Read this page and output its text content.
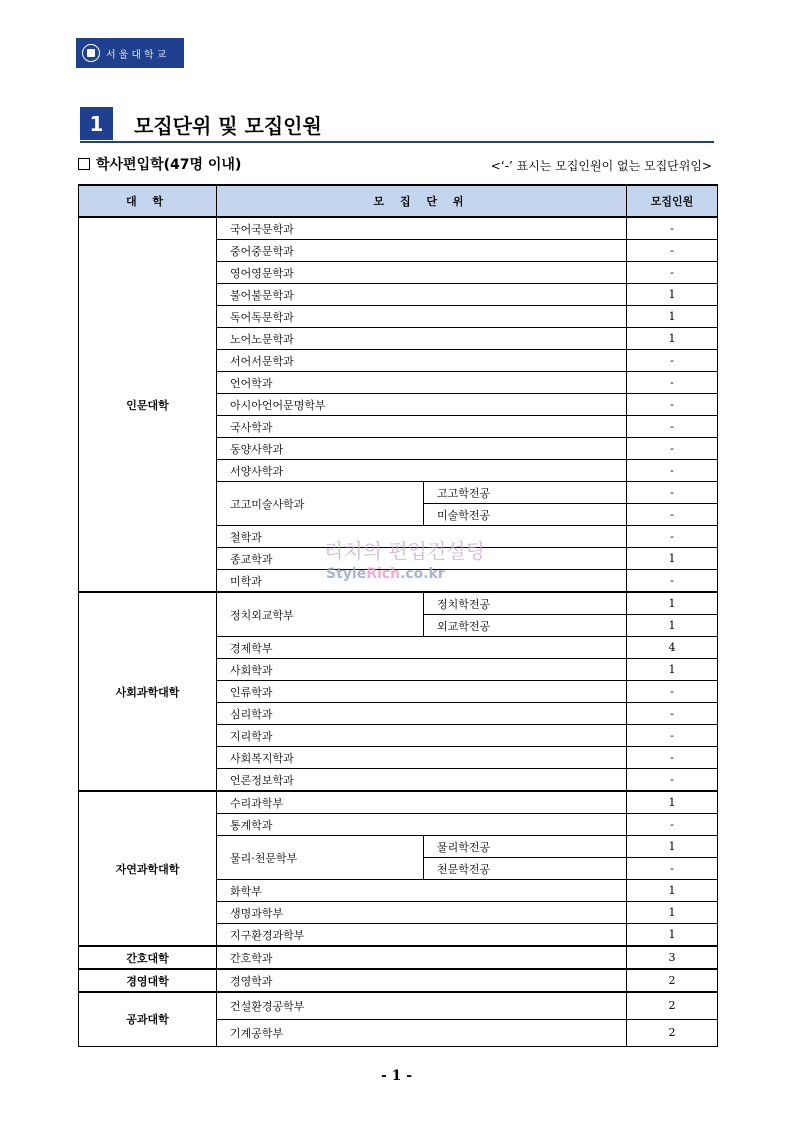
서울대학교
1	모집단위 및 모집인원
학사편입학(47명 이내)	<‘-’ 표시는 모집인원이 없는 모집단위임>
대 학	모 집 단 위		모집인원
인문대학	국어국문학과		-
	중어중문학과		-
	영어영문학과		-
	불어불문학과		1
	독어독문학과		1
	노어노문학과		1
	서어서문학과		-
	언어학과		-
	아시아언어문명학부		-
	국사학과		-
	동양사학과		-
	서양사학과		-
	고고미술사학과	고고학전공	-
		미술학전공	-
	철학과		-
	종교학과		1
	미학과		-
사회과학대학	정치외교학부	정치학전공	1
		외교학전공	1
	경제학부		4
	사회학과		1
	인류학과		-
	심리학과		-
	지리학과		-
	사회복지학과		-
	언론정보학과		-
자연과학대학	수리과학부		1
	통계학과		-
	물리·천문학부	물리학전공	1
		천문학전공	-
	화학부		1
	생명과학부		1
	지구환경과학부		1
간호대학	간호학과		3
경영대학	경영학과		2
공과대학	건설환경공학부		2
	기계공학부		2
리치의 편입컨설팅
StyleRich.co.kr
- 1 -
